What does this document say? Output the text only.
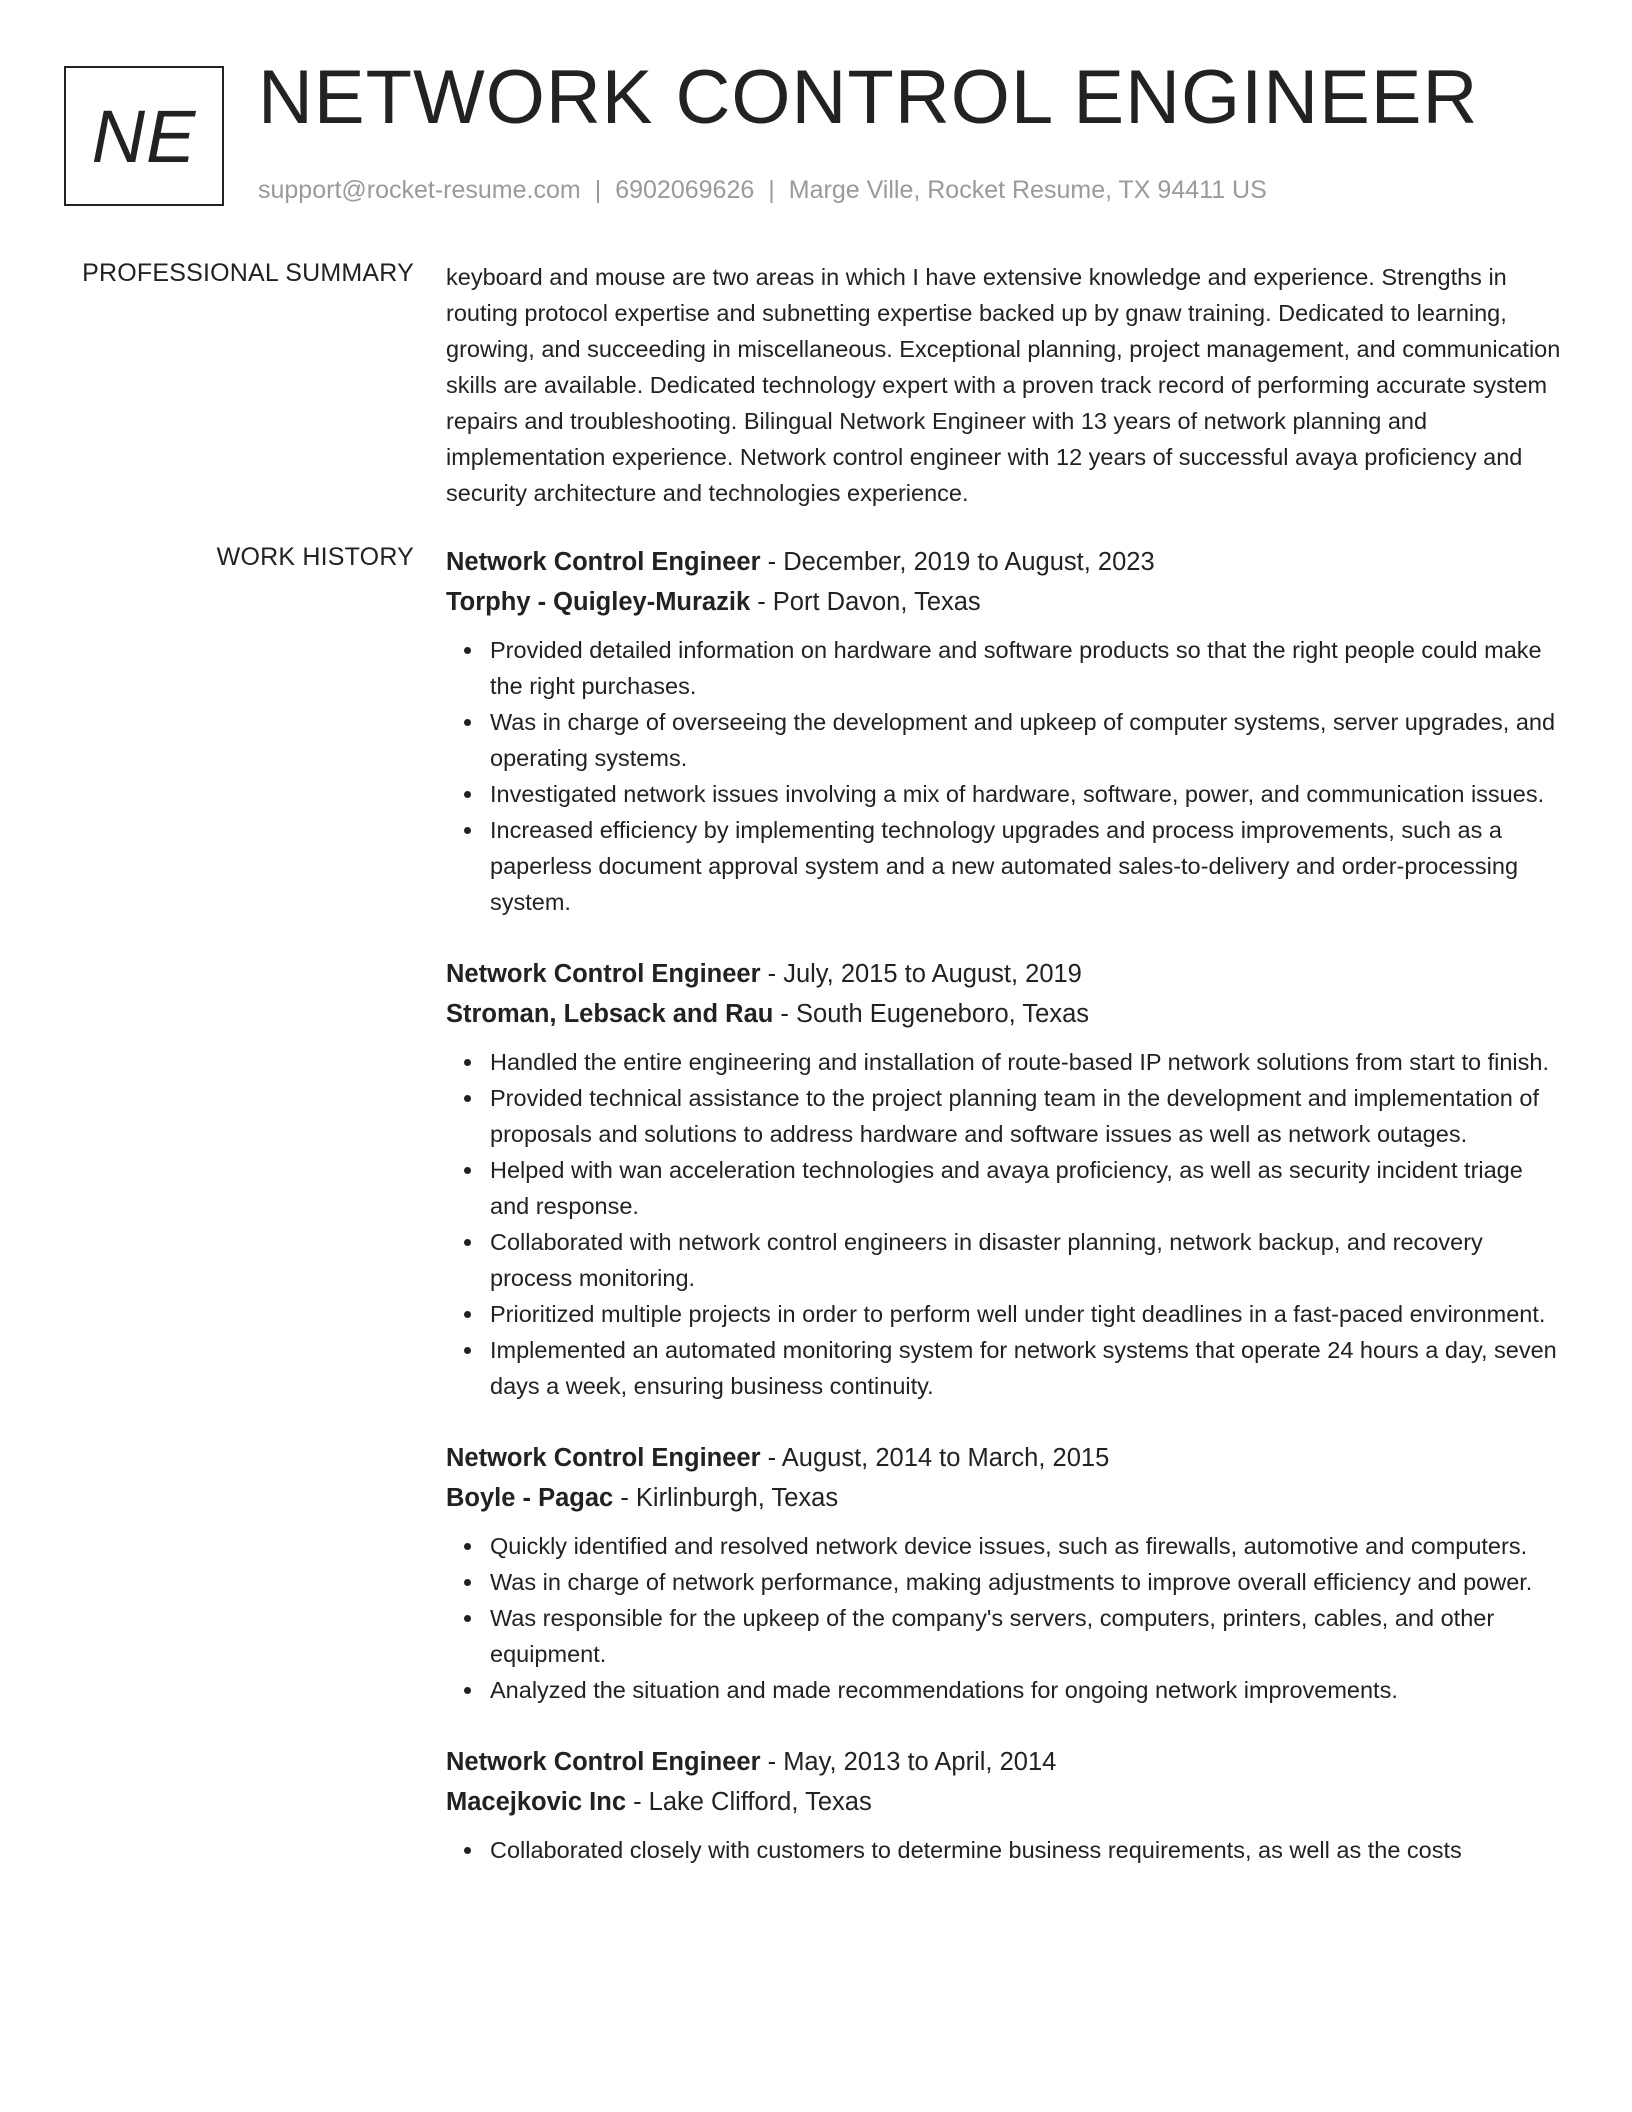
NE NETWORK CONTROL ENGINEER
support@rocket-resume.com | 6902069626 | Marge Ville, Rocket Resume, TX 94411 US
PROFESSIONAL SUMMARY keyboard and mouse are two areas in which I have extensive knowledge and experience. Strengths in routing protocol expertise and subnetting expertise backed up by gnaw training. Dedicated to learning, growing, and succeeding in miscellaneous. Exceptional planning, project management, and communication skills are available. Dedicated technology expert with a proven track record of performing accurate system repairs and troubleshooting. Bilingual Network Engineer with 13 years of network planning and implementation experience. Network control engineer with 12 years of successful avaya proficiency and security architecture and technologies experience.
WORK HISTORY Network Control Engineer - December, 2019 to August, 2023
Torphy - Quigley-Murazik - Port Davon, Texas
Provided detailed information on hardware and software products so that the right people could make the right purchases.
Was in charge of overseeing the development and upkeep of computer systems, server upgrades, and operating systems.
Investigated network issues involving a mix of hardware, software, power, and communication issues.
Increased efficiency by implementing technology upgrades and process improvements, such as a paperless document approval system and a new automated sales-to-delivery and order-processing system.
Network Control Engineer - July, 2015 to August, 2019
Stroman, Lebsack and Rau - South Eugeneboro, Texas
Handled the entire engineering and installation of route-based IP network solutions from start to finish.
Provided technical assistance to the project planning team in the development and implementation of proposals and solutions to address hardware and software issues as well as network outages.
Helped with wan acceleration technologies and avaya proficiency, as well as security incident triage and response.
Collaborated with network control engineers in disaster planning, network backup, and recovery process monitoring.
Prioritized multiple projects in order to perform well under tight deadlines in a fast-paced environment.
Implemented an automated monitoring system for network systems that operate 24 hours a day, seven days a week, ensuring business continuity.
Network Control Engineer - August, 2014 to March, 2015
Boyle - Pagac - Kirlinburgh, Texas
Quickly identified and resolved network device issues, such as firewalls, automotive and computers.
Was in charge of network performance, making adjustments to improve overall efficiency and power.
Was responsible for the upkeep of the company's servers, computers, printers, cables, and other equipment.
Analyzed the situation and made recommendations for ongoing network improvements.
Network Control Engineer - May, 2013 to April, 2014
Macejkovic Inc - Lake Clifford, Texas
Collaborated closely with customers to determine business requirements, as well as the costs
